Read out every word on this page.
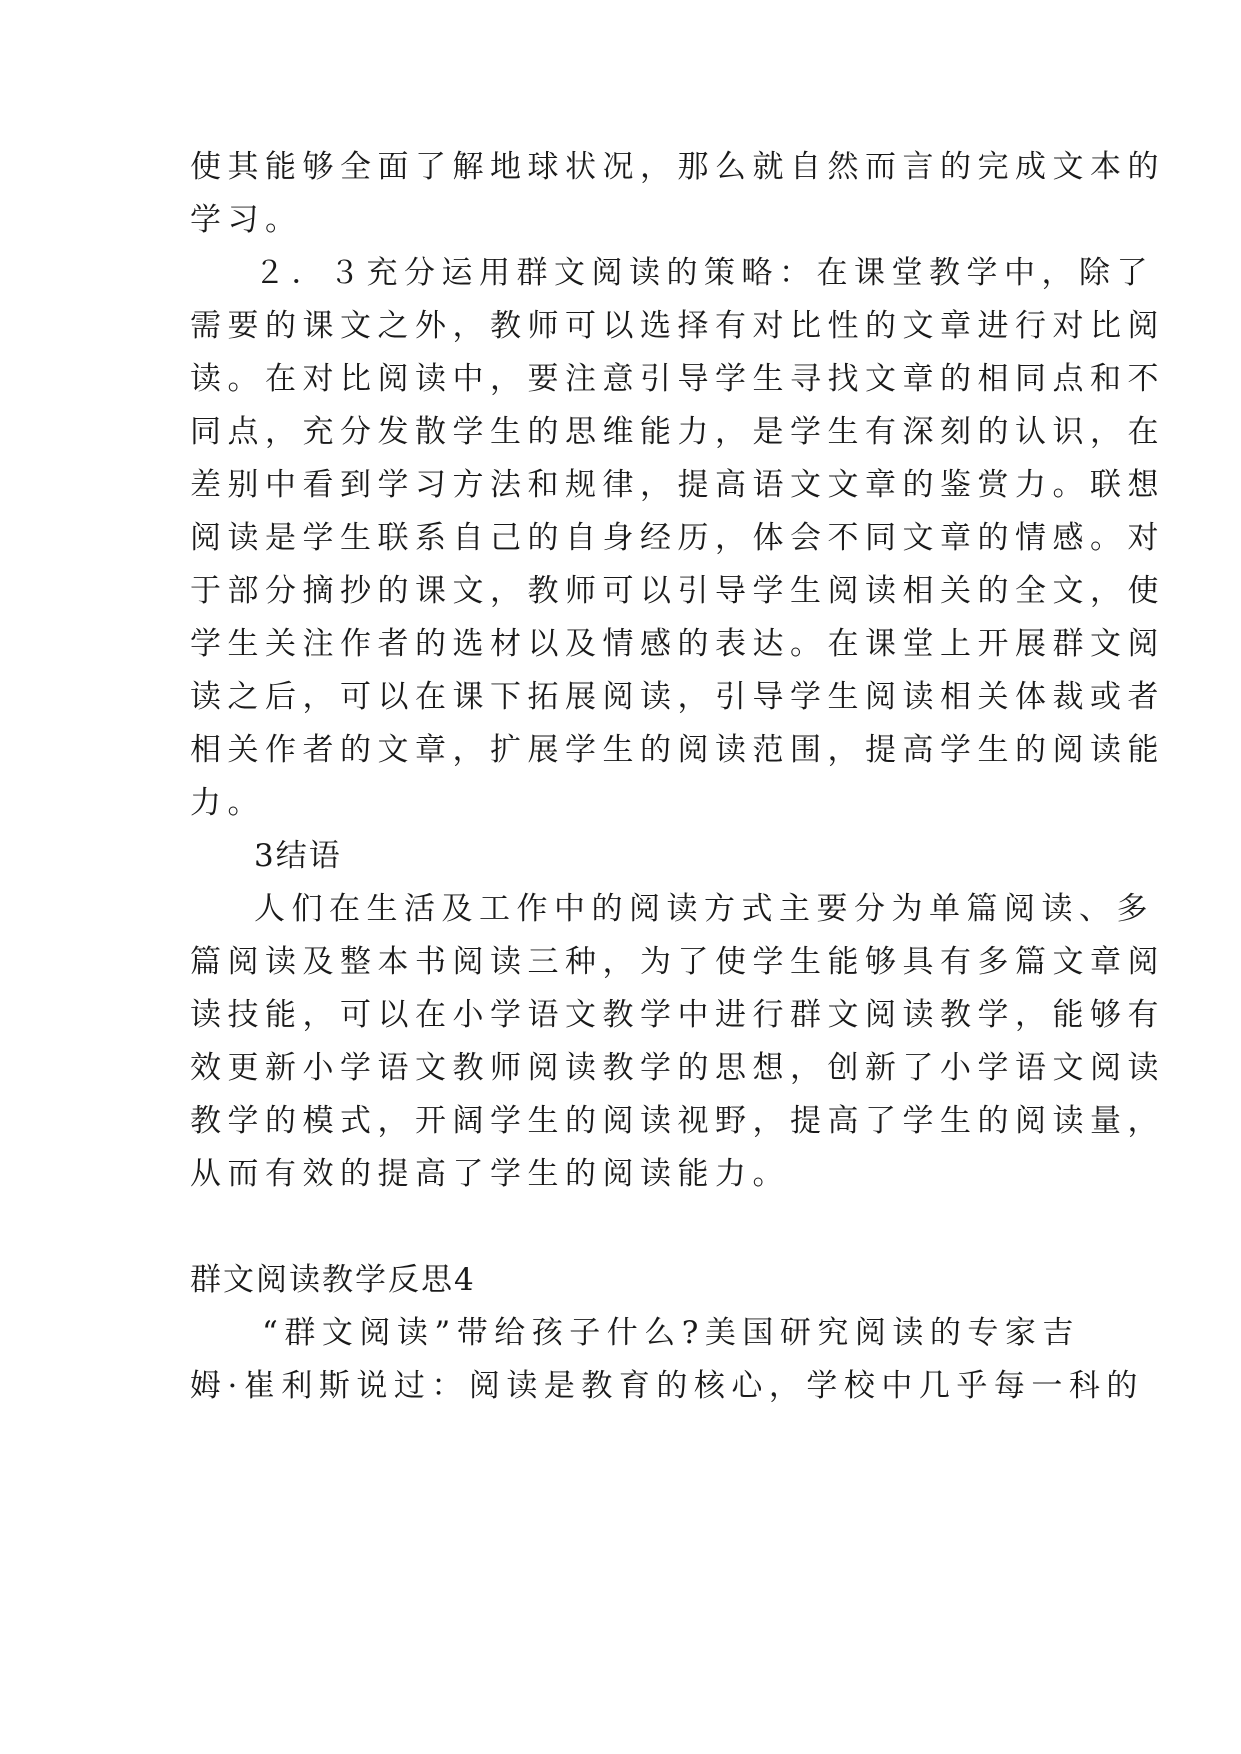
使其能够全面了解地球状况，那么就自然而言的完成文本的
学习。
２．３充分运用群文阅读的策略：在课堂教学中，除了
需要的课文之外，教师可以选择有对比性的文章进行对比阅
读。在对比阅读中，要注意引导学生寻找文章的相同点和不
同点，充分发散学生的思维能力，是学生有深刻的认识，在
差别中看到学习方法和规律，提高语文文章的鉴赏力。联想
阅读是学生联系自己的自身经历，体会不同文章的情感。对
于部分摘抄的课文，教师可以引导学生阅读相关的全文，使
学生关注作者的选材以及情感的表达。在课堂上开展群文阅
读之后，可以在课下拓展阅读，引导学生阅读相关体裁或者
相关作者的文章，扩展学生的阅读范围，提高学生的阅读能
力。
3结语
人们在生活及工作中的阅读方式主要分为单篇阅读、多
篇阅读及整本书阅读三种，为了使学生能够具有多篇文章阅
读技能，可以在小学语文教学中进行群文阅读教学，能够有
效更新小学语文教师阅读教学的思想，创新了小学语文阅读
教学的模式，开阔学生的阅读视野，提高了学生的阅读量，
从而有效的提高了学生的阅读能力。
群文阅读教学反思4
“群文阅读”带给孩子什么?美国研究阅读的专家吉
姆·崔利斯说过：阅读是教育的核心，学校中几乎每一科的
